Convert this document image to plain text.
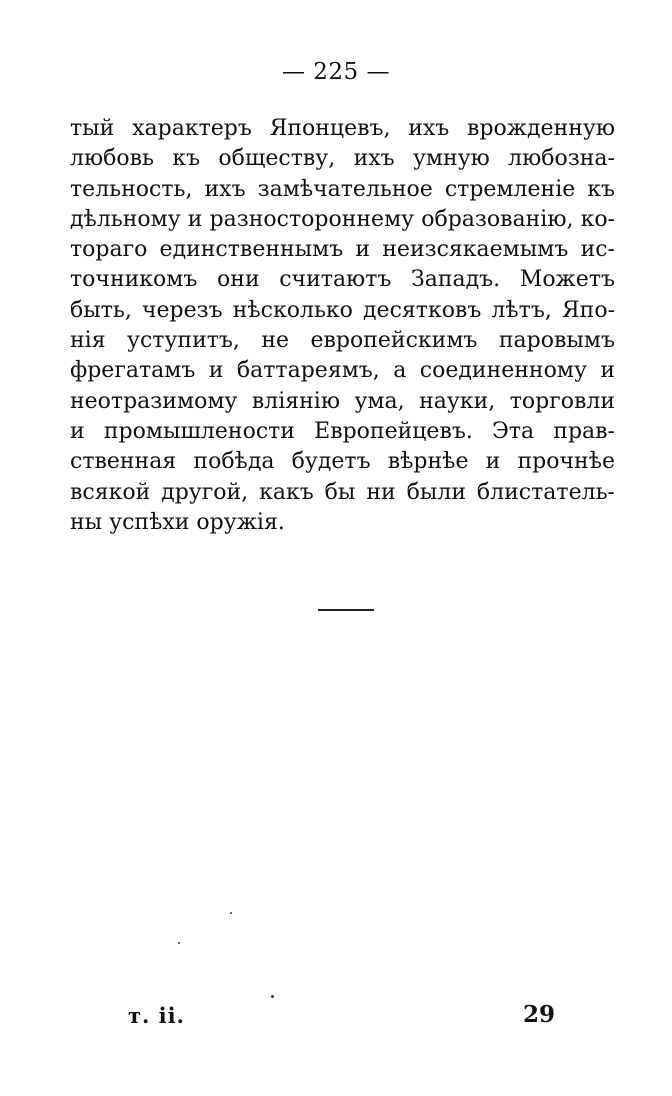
— 225 —
тый характеръ Японцевъ, ихъ врожденную
любовь къ обществу, ихъ умную любозна-
тельность, ихъ замѣчательное стремленіе къ
дѣльному и разностороннему образованію, ко-
тораго единственнымъ и неизсякаемымъ ис-
точникомъ они считаютъ Западъ. Можетъ
быть, черезъ нѣсколько десятковъ лѣтъ, Япо-
нія уступитъ, не европейскимъ паровымъ
фрегатамъ и баттареямъ, а соединенному и
неотразимому вліянію ума, науки, торговли
и промышлености Европейцевъ. Эта прав-
ственная побѣда будетъ вѣрнѣе и прочнѣе
всякой другой, какъ бы ни были блистатель-
ны успѣхи оружія.
т. ii.	29
